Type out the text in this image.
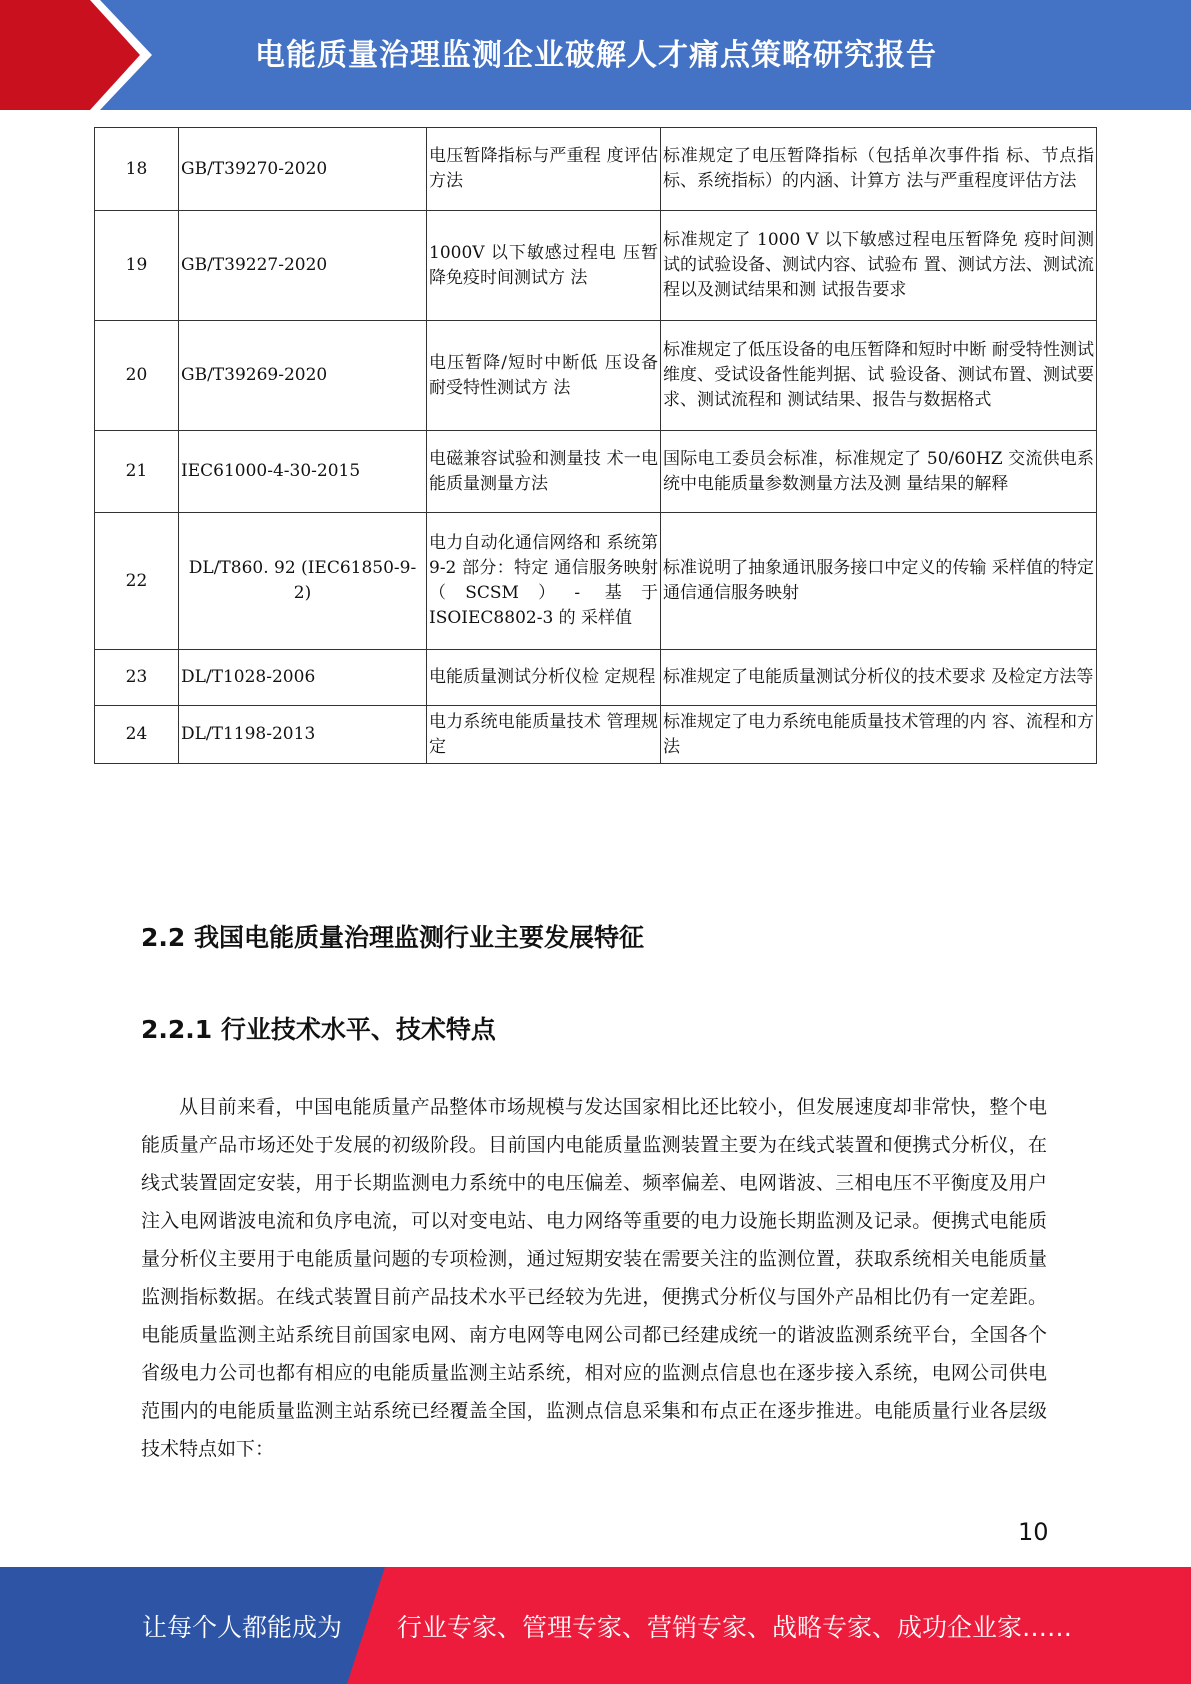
电能质量治理监测企业破解人才痛点策略研究报告
18	GB/T39270-2020	电压暂降指标与严重程 度评估方法	标准规定了电压暂降指标（包括单次事件指 标、节点指标、系统指标）的内涵、计算方 法与严重程度评估方法
19	GB/T39227-2020	1000V 以下敏感过程电 压暂降免疫时间测试方 法	标准规定了 1000 V 以下敏感过程电压暂降免 疫时间测试的试验设备、测试内容、试验布 置、测试方法、测试流程以及测试结果和测 试报告要求
20	GB/T39269-2020	电压暂降/短时中断低 压设备耐受特性测试方 法	标准规定了低压设备的电压暂降和短时中断 耐受特性测试维度、受试设备性能判据、试 验设备、测试布置、测试要求、测试流程和 测试结果、报告与数据格式
21	IEC61000-4-30-2015	电磁兼容试验和测量技 术一电能质量测量方法	国际电工委员会标准，标准规定了 50/60HZ 交流供电系统中电能质量参数测量方法及测 量结果的解释
22	DL/T860. 92 (IEC61850-9-2)	电力自动化通信网络和 系统第 9-2 部分：特定 通信服务映射（SCSM）- 基于 ISOIEC8802-3 的 采样值	标准说明了抽象通讯服务接口中定义的传输 采样值的特定通信通信服务映射
23	DL/T1028-2006	电能质量测试分析仪检 定规程	标准规定了电能质量测试分析仪的技术要求 及检定方法等
24	DL/T1198-2013	电力系统电能质量技术 管理规定	标准规定了电力系统电能质量技术管理的内 容、流程和方法
2.2 我国电能质量治理监测行业主要发展特征
2.2.1 行业技术水平、技术特点

从目前来看，中国电能质量产品整体市场规模与发达国家相比还比较小，但发展速度却非常快，整个电能质量产品市场还处于发展的初级阶段。目前国内电能质量监测装置主要为在线式装置和便携式分析仪，在线式装置固定安装，用于长期监测电力系统中的电压偏差、频率偏差、电网谐波、三相电压不平衡度及用户注入电网谐波电流和负序电流，可以对变电站、电力网络等重要的电力设施长期监测及记录。便携式电能质量分析仪主要用于电能质量问题的专项检测，通过短期安装在需要关注的监测位置，获取系统相关电能质量监测指标数据。在线式装置目前产品技术水平已经较为先进，便携式分析仪与国外产品相比仍有一定差距。电能质量监测主站系统目前国家电网、南方电网等电网公司都已经建成统一的谐波监测系统平台，全国各个省级电力公司也都有相应的电能质量监测主站系统，相对应的监测点信息也在逐步接入系统，电网公司供电范围内的电能质量监测主站系统已经覆盖全国，监测点信息采集和布点正在逐步推进。电能质量行业各层级技术特点如下：

10
让每个人都能成为 行业专家、管理专家、营销专家、战略专家、成功企业家……
